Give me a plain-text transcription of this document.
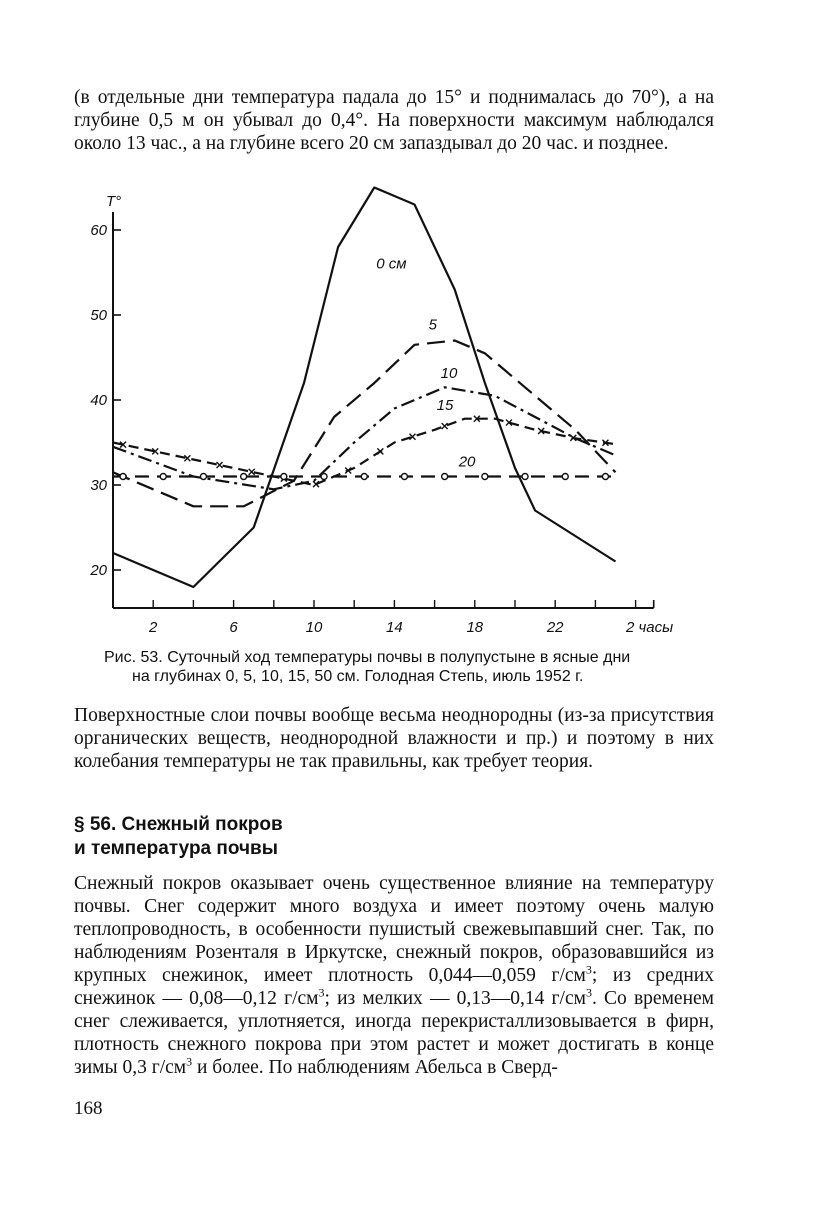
(в отдельные дни температура падала до 15° и поднималась до 70°), а на глубине 0,5 м он убывал до 0,4°. На поверхности максимум наблюдался около 13 час., а на глубине всего 20 см запаздывал до 20 час. и позднее.

20
30
40
50
60
2	6	10	14	18	22	2 часы
T°
0 см
5
10
15
20

Рис. 53. Суточный ход температуры почвы в полупустыне в ясные дни
на глубинах 0, 5, 10, 15, 50 см. Голодная Степь, июль 1952 г.

Поверхностные слои почвы вообще весьма неоднородны (из-за присутствия органических веществ, неоднородной влажности и пр.) и поэтому в них колебания температуры не так правильны, как требует теория.

§ 56. Снежный покров
и температура почвы

Снежный покров оказывает очень существенное влияние на температуру почвы. Снег содержит много воздуха и имеет поэтому очень малую теплопроводность, в особенности пушистый свежевыпавший снег. Так, по наблюдениям Розенталя в Иркутске, снежный покров, образовавшийся из крупных снежинок, имеет плотность 0,044—0,059 $г/см^3$; из средних снежинок — 0,08—0,12 $г/см^3$; из мелких — 0,13—0,14 $г/см^3$. Со временем снег слеживается, уплотняется, иногда перекристаллизовывается в фирн, плотность снежного покрова при этом растет и может достигать в конце зимы 0,3 $г/см^3$ и более. По наблюдениям Абельса в Сверд-

168
